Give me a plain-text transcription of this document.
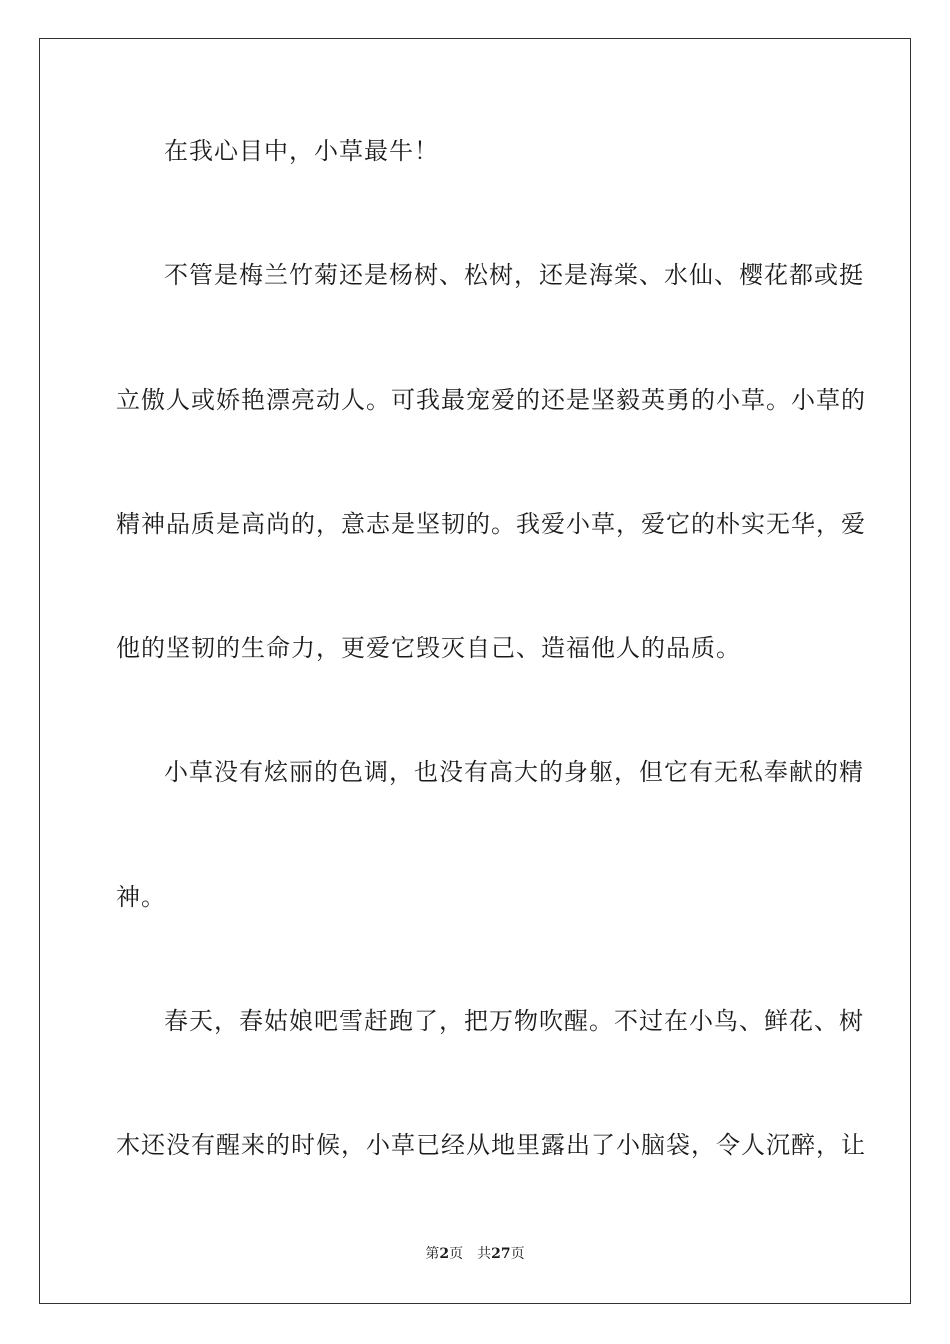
在我心目中，小草最牛！
不管是梅兰竹菊还是杨树、松树，还是海棠、水仙、樱花都或挺
立傲人或娇艳漂亮动人。可我最宠爱的还是坚毅英勇的小草。小草的
精神品质是高尚的，意志是坚韧的。我爱小草，爱它的朴实无华，爱
他的坚韧的生命力，更爱它毁灭自己、造福他人的品质。
小草没有炫丽的色调，也没有高大的身躯，但它有无私奉献的精
神。
春天，春姑娘吧雪赶跑了，把万物吹醒。不过在小鸟、鲜花、树
木还没有醒来的时候，小草已经从地里露出了小脑袋，令人沉醉，让
第2页 共27页
